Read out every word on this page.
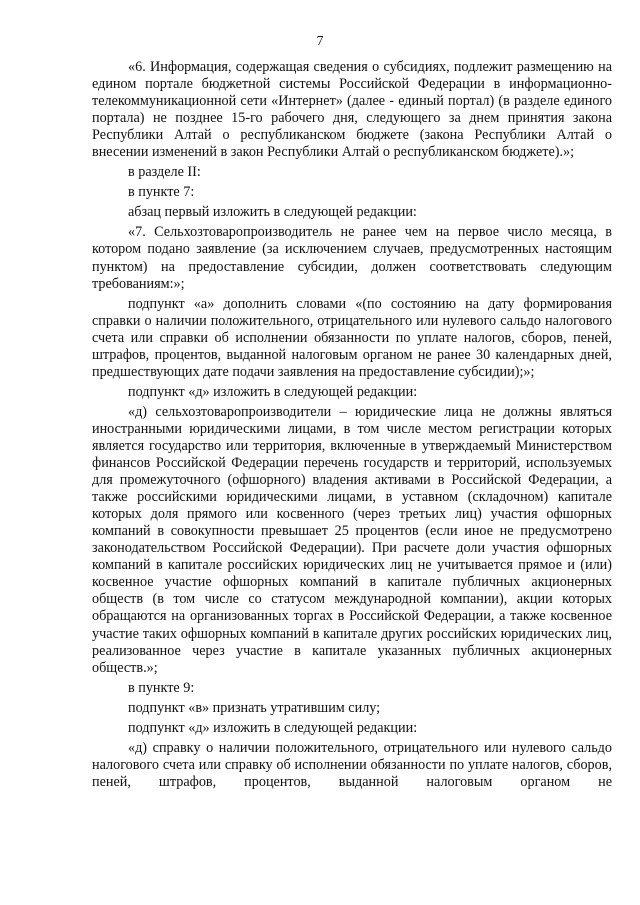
7

«6. Информация, содержащая сведения о субсидиях, подлежит размещению на едином портале бюджетной системы Российской Федерации в информационно-телекоммуникационной сети «Интернет» (далее - единый портал) (в разделе единого портала) не позднее 15-го рабочего дня, следующего за днем принятия закона Республики Алтай о республиканском бюджете (закона Республики Алтай о внесении изменений в закон Республики Алтай о республиканском бюджете).»;

в разделе II:

в пункте 7:

абзац первый изложить в следующей редакции:

«7. Сельхозтоваропроизводитель не ранее чем на первое число месяца, в котором подано заявление (за исключением случаев, предусмотренных настоящим пунктом) на предоставление субсидии, должен соответствовать следующим требованиям:»;

подпункт «а» дополнить словами «(по состоянию на дату формирования справки о наличии положительного, отрицательного или нулевого сальдо налогового счета или справки об исполнении обязанности по уплате налогов, сборов, пеней, штрафов, процентов, выданной налоговым органом не ранее 30 календарных дней, предшествующих дате подачи заявления на предоставление субсидии);»;

подпункт «д» изложить в следующей редакции:

«д) сельхозтоваропроизводители – юридические лица не должны являться иностранными юридическими лицами, в том числе местом регистрации которых является государство или территория, включенные в утверждаемый Министерством финансов Российской Федерации перечень государств и территорий, используемых для промежуточного (офшорного) владения активами в Российской Федерации, а также российскими юридическими лицами, в уставном (складочном) капитале которых доля прямого или косвенного (через третьих лиц) участия офшорных компаний в совокупности превышает 25 процентов (если иное не предусмотрено законодательством Российской Федерации). При расчете доли участия офшорных компаний в капитале российских юридических лиц не учитывается прямое и (или) косвенное участие офшорных компаний в капитале публичных акционерных обществ (в том числе со статусом международной компании), акции которых обращаются на организованных торгах в Российской Федерации, а также косвенное участие таких офшорных компаний в капитале других российских юридических лиц, реализованное через участие в капитале указанных публичных акционерных обществ.»;

в пункте 9:

подпункт «в» признать утратившим силу;

подпункт «д» изложить в следующей редакции:

«д) справку о наличии положительного, отрицательного или нулевого сальдо налогового счета или справку об исполнении обязанности по уплате налогов, сборов, пеней, штрафов, процентов, выданной налоговым органом не
